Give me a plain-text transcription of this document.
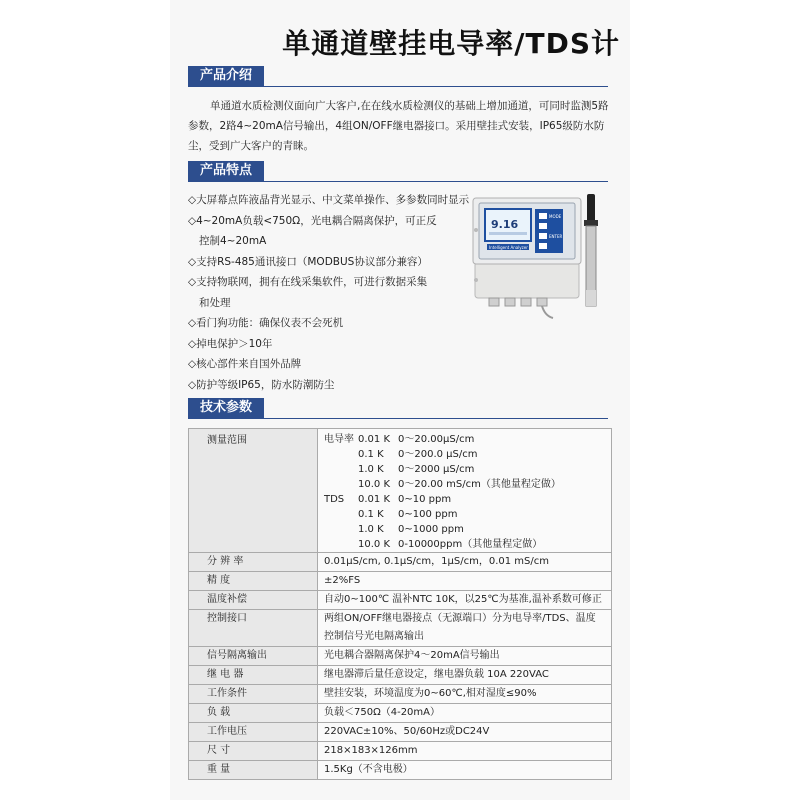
单通道壁挂电导率/TDS计
产品介绍

单通道水质检测仪面向广大客户,在在线水质检测仪的基础上增加通道，可同时监测5路参数，2路4~20mA信号输出，4组ON/OFF继电器接口。采用壁挂式安装，IP65级防水防尘，受到广大客户的青睐。

产品特点
◇大屏幕点阵液晶背光显示、中文菜单操作、多参数同时显示
◇4~20mA负载<750Ω，光电耦合隔离保护，可正反
控制4~20mA
◇支持RS-485通讯接口（MODBUS协议部分兼容）
◇支持物联网，拥有在线采集软件，可进行数据采集
和处理
◇看门狗功能：确保仪表不会死机
◇掉电保护＞10年
◇核心部件来自国外品牌
◇防护等级IP65，防水防潮防尘
9.16
Intelligent Analyzer
MODE
ENTER
技术参数
测量范围		电导率	0.01 K	0～20.00μS/cm
	0.1 K	0～200.0 μS/cm
	1.0 K	0～2000 μS/cm
	10.0 K	0～20.00 mS/cm（其他量程定做）
TDS	0.01 K	0~10 ppm
	0.1 K	0~100 ppm
	1.0 K	0~1000 ppm
	10.0 K	0-10000ppm（其他量程定做）

分 辨 率	0.01μS/cm, 0.1μS/cm，1μS/cm，0.01 mS/cm
精 度	±2%FS
温度补偿	自动0~100℃ 温补NTC 10K，以25℃为基准,温补系数可修正
控制接口	两组ON/OFF继电器接点（无源端口）分为电导率/TDS、温度控制信号光电隔离输出
信号隔离输出	光电耦合器隔离保护4～20mA信号输出
继 电 器	继电器滞后量任意设定，继电器负载 10A 220VAC
工作条件	壁挂安装，环境温度为0~60℃,相对湿度≤90%
负 载	负载＜750Ω（4-20mA）
工作电压	220VAC±10%、50/60Hz或DC24V
尺 寸	218×183×126mm
重 量	1.5Kg（不含电极）
